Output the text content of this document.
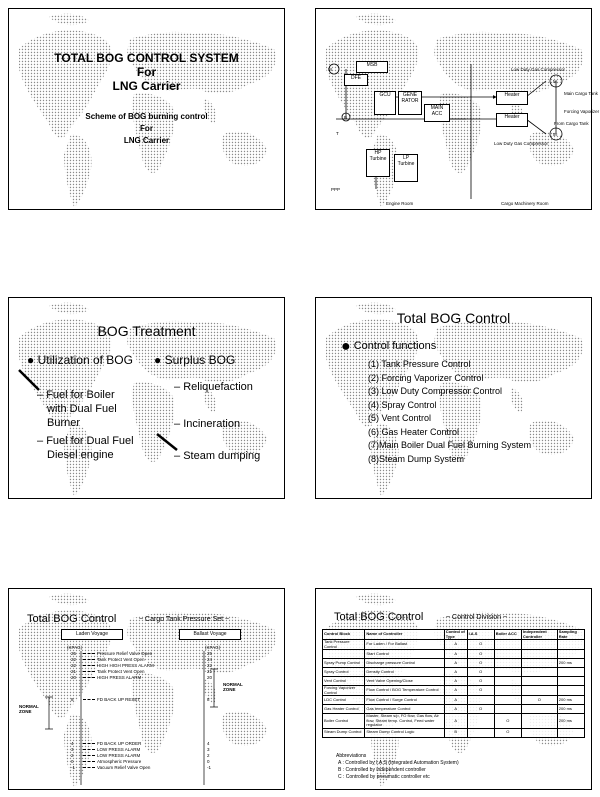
TOTAL BOG CONTROL SYSTEM
For
LNG Carrier
Scheme of BOG burning control
For
LNG Carrier
MSB
DFE
GCU	GENE RATOR
MAIN ACC
Heater
Heater
HP Turbine	LP Turbine
M
M
M
B
T
Low Duty Gas Compressor
Main Cargo Tank
Forcing Vaporizer
From Cargo Tank
Low Duty Gas Compressor
PPP
Engine Room	Cargo Machinery Room
BOG Treatment
● Utilization of BOG ● Surplus BOG
– Fuel for Boiler
with Dual Fuel
Burner
– Fuel for Dual Fuel
Diesel engine
– Reliquefaction
– Incineration
– Steam dumping
Total BOG Control
● Control functions
(1) Tank Pressure Control
(2) Forcing Vaporizer Control
(3) Low Duty Compressor Control
(4) Spray Control
(5) Vent Control
(6) Gas Heater Control
(7)Main Boiler Dual Fuel Burning System
(8)Steam Dump System
Total BOG Control	~ Cargo Tank Pressure Set ~
Laden Voyage	Ballast Voyage
(KPAG)	(KPAG)
NORMAL ZONE
NORMAL ZONE
25	Pressure Relief Valve Open	25
22	Tank Protect Vent Open	24
22	HIGH HIGH PRESS ALARM	22
21	Tank Protect Vent Open	21
20	HIGH PRESS ALARM	20
8	FD BACK UP RESET	8
4	FD BACK UP ORDER	4
3	LOW PRESS ALARM	3
2	LOW PRESS ALARM	2
0	Atmospheric Pressure	0
-1	Vacuum Relief Valve Open	-1
Total BOG Control	~ Control Division ~
Control Block	Name of Controller	Control of Type	I.A.S	Boiler ACC	Independent Controller	Sampling Rate
Tank Pressure Control	For Laden / For Ballast	A	O			
	Start Control	A	O			
Spray Pump Control	Discharge pressure Control	A	O			200 ms
Spray Control	Density Control	A	O			
Vent Control	Vent Valve Opening/Close	A	O			
Forcing Vaporizer Control	Flow Control / BOG Temperature Control	A	O			
LDC Control	Flow Control / Surge Control	A			O	200 ms
Gas Heater Control	Gas temperature Control	A	O			200 ms
Boiler Control	Master, Steam s/p, FO flow, Gas flow, Air flow, Steam temp. Control, Feed water regulator	A		O		200 ms
Steam Dump Control	Steam Dump Control Logic	B		O		
Abbreviations
A : Controlled by I.A.S (Integrated Automation System)
B : Controlled by independent controller
C : Controlled by pneumatic controller etc
